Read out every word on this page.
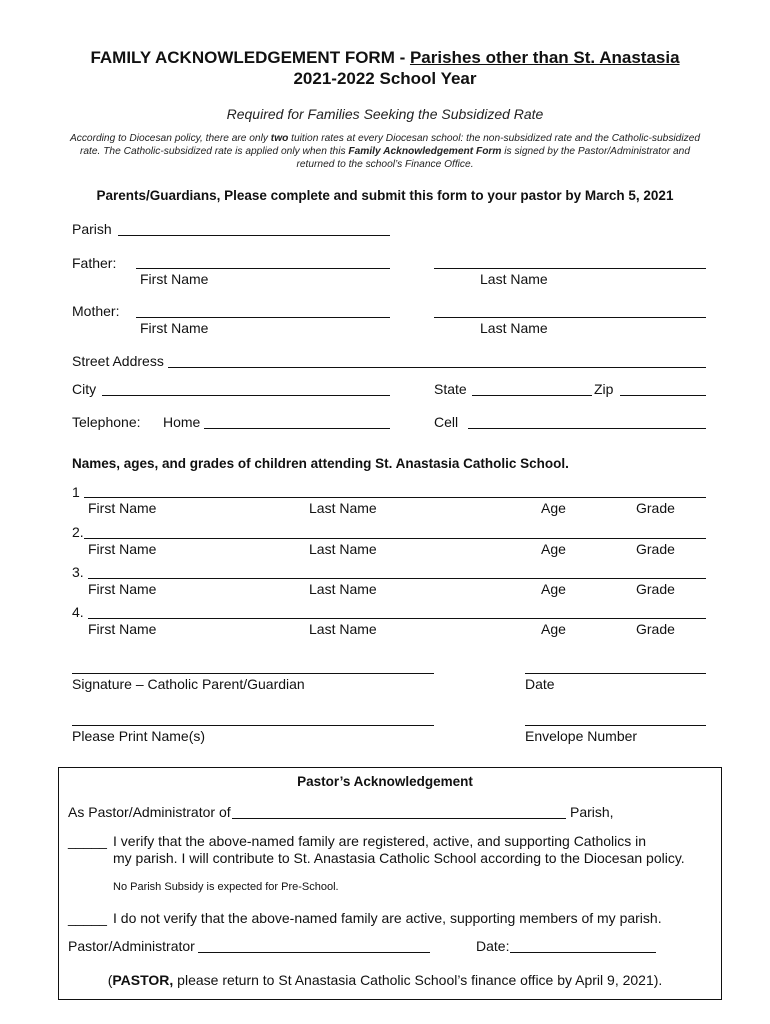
FAMILY ACKNOWLEDGEMENT FORM - Parishes other than St. Anastasia
2021-2022 School Year
Required for Families Seeking the Subsidized Rate
According to Diocesan policy, there are only two tuition rates at every Diocesan school: the non-subsidized rate and the Catholic-subsidized rate. The Catholic-subsidized rate is applied only when this Family Acknowledgement Form is signed by the Pastor/Administrator and returned to the school’s Finance Office.
Parents/Guardians, Please complete and submit this form to your pastor by March 5, 2021
Parish
Father:
First Name	Last Name
Mother:
First Name	Last Name
Street Address
City	State	Zip
Telephone: Home	Cell
Names, ages, and grades of children attending St. Anastasia Catholic School.
1
First Name	Last Name	Age	Grade
2.
First Name	Last Name	Age	Grade
3.
First Name	Last Name	Age	Grade
4.
First Name	Last Name	Age	Grade
Signature – Catholic Parent/Guardian	Date
Please Print Name(s)	Envelope Number
Pastor’s Acknowledgement
As Pastor/Administrator of	Parish,
_____ I verify that the above-named family are registered, active, and supporting Catholics in
my parish. I will contribute to St. Anastasia Catholic School according to the Diocesan policy.
No Parish Subsidy is expected for Pre-School.
_____ I do not verify that the above-named family are active, supporting members of my parish.
Pastor/Administrator	Date:
(PASTOR, please return to St Anastasia Catholic School’s finance office by April 9, 2021).
